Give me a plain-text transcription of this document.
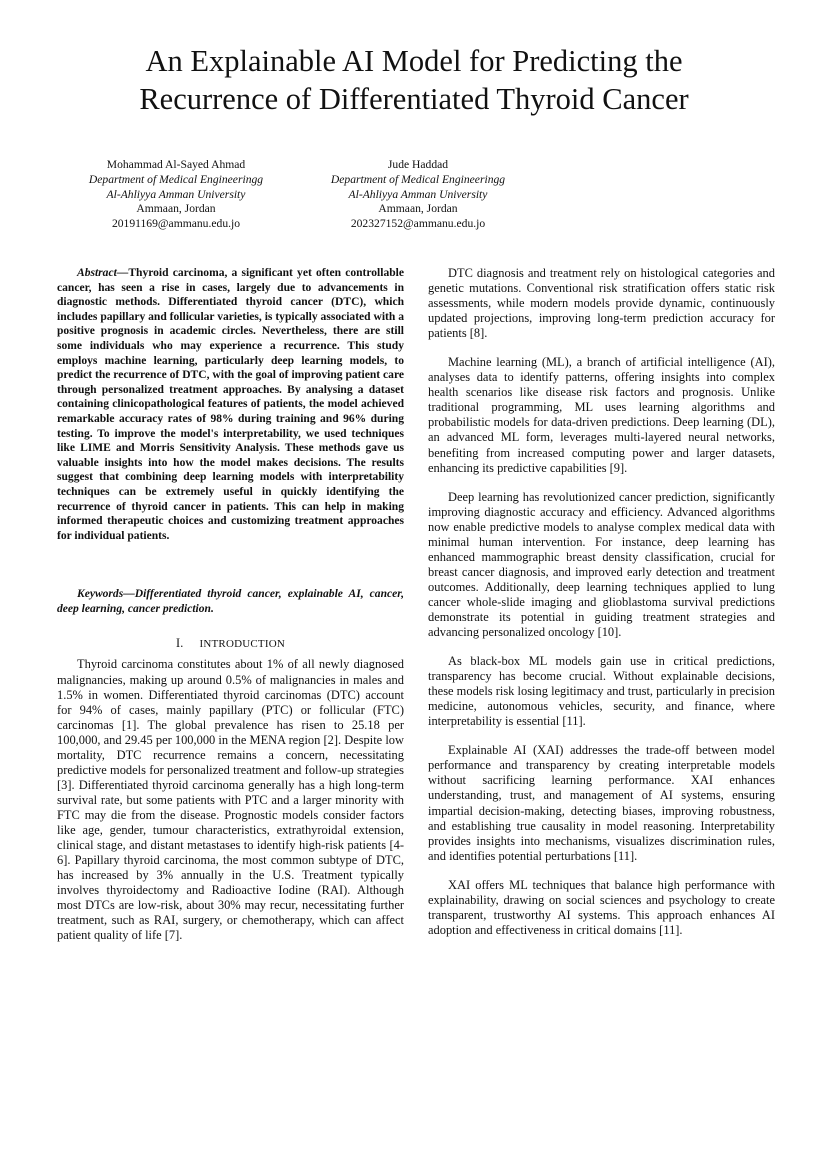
An Explainable AI Model for Predicting the
Recurrence of Differentiated Thyroid Cancer
Mohammad Al-Sayed Ahmad
Department of Medical Engineeringg
Al-Ahliyya Amman University
Ammaan, Jordan
20191169@ammanu.edu.jo
Jude Haddad
Department of Medical Engineeringg
Al-Ahliyya Amman University
Ammaan, Jordan
202327152@ammanu.edu.jo

Abstract—Thyroid carcinoma, a significant yet often controllable cancer, has seen a rise in cases, largely due to advancements in diagnostic methods. Differentiated thyroid cancer (DTC), which includes papillary and follicular varieties, is typically associated with a positive prognosis in academic circles. Nevertheless, there are still some individuals who may experience a recurrence. This study employs machine learning, particularly deep learning models, to predict the recurrence of DTC, with the goal of improving patient care through personalized treatment approaches. By analysing a dataset containing clinicopathological features of patients, the model achieved remarkable accuracy rates of 98% during training and 96% during testing. To improve the model's interpretability, we used techniques like LIME and Morris Sensitivity Analysis. These methods gave us valuable insights into how the model makes decisions. The results suggest that combining deep learning models with interpretability techniques can be extremely useful in quickly identifying the recurrence of thyroid cancer in patients. This can help in making informed therapeutic choices and customizing treatment approaches for individual patients.

Keywords—Differentiated thyroid cancer, explainable AI, cancer, deep learning, cancer prediction.

I. INTRODUCTION

Thyroid carcinoma constitutes about 1% of all newly diagnosed malignancies, making up around 0.5% of malignancies in males and 1.5% in women. Differentiated thyroid carcinomas (DTC) account for 94% of cases, mainly papillary (PTC) or follicular (FTC) carcinomas [1]. The global prevalence has risen to 25.18 per 100,000, and 29.45 per 100,000 in the MENA region [2]. Despite low mortality, DTC recurrence remains a concern, necessitating predictive models for personalized treatment and follow-up strategies [3]. Differentiated thyroid carcinoma generally has a high long-term survival rate, but some patients with PTC and a larger minority with FTC may die from the disease. Prognostic models consider factors like age, gender, tumour characteristics, extrathyroidal extension, clinical stage, and distant metastases to identify high-risk patients [4-6]. Papillary thyroid carcinoma, the most common subtype of DTC, has increased by 3% annually in the U.S. Treatment typically involves thyroidectomy and Radioactive Iodine (RAI). Although most DTCs are low-risk, about 30% may recur, necessitating further treatment, such as RAI, surgery, or chemotherapy, which can affect patient quality of life [7].

DTC diagnosis and treatment rely on histological categories and genetic mutations. Conventional risk stratification offers static risk assessments, while modern models provide dynamic, continuously updated projections, improving long-term prediction accuracy for patients [8].

Machine learning (ML), a branch of artificial intelligence (AI), analyses data to identify patterns, offering insights into complex health scenarios like disease risk factors and prognosis. Unlike traditional programming, ML uses learning algorithms and probabilistic models for data-driven predictions. Deep learning (DL), an advanced ML form, leverages multi-layered neural networks, benefiting from increased computing power and larger datasets, enhancing its predictive capabilities [9].

Deep learning has revolutionized cancer prediction, significantly improving diagnostic accuracy and efficiency. Advanced algorithms now enable predictive models to analyse complex medical data with minimal human intervention. For instance, deep learning has enhanced mammographic breast density classification, crucial for breast cancer diagnosis, and improved early detection and treatment outcomes. Additionally, deep learning techniques applied to lung cancer whole-slide imaging and glioblastoma survival predictions demonstrate its potential in guiding treatment strategies and advancing personalized oncology [10].

As black-box ML models gain use in critical predictions, transparency has become crucial. Without explainable decisions, these models risk losing legitimacy and trust, particularly in precision medicine, autonomous vehicles, security, and finance, where interpretability is essential [11].

Explainable AI (XAI) addresses the trade-off between model performance and transparency by creating interpretable models without sacrificing learning performance. XAI enhances understanding, trust, and management of AI systems, ensuring impartial decision-making, detecting biases, improving robustness, and establishing true causality in model reasoning. Interpretability provides insights into mechanisms, visualizes discrimination rules, and identifies potential perturbations [11].

XAI offers ML techniques that balance high performance with explainability, drawing on social sciences and psychology to create transparent, trustworthy AI systems. This approach enhances AI adoption and effectiveness in critical domains [11].
